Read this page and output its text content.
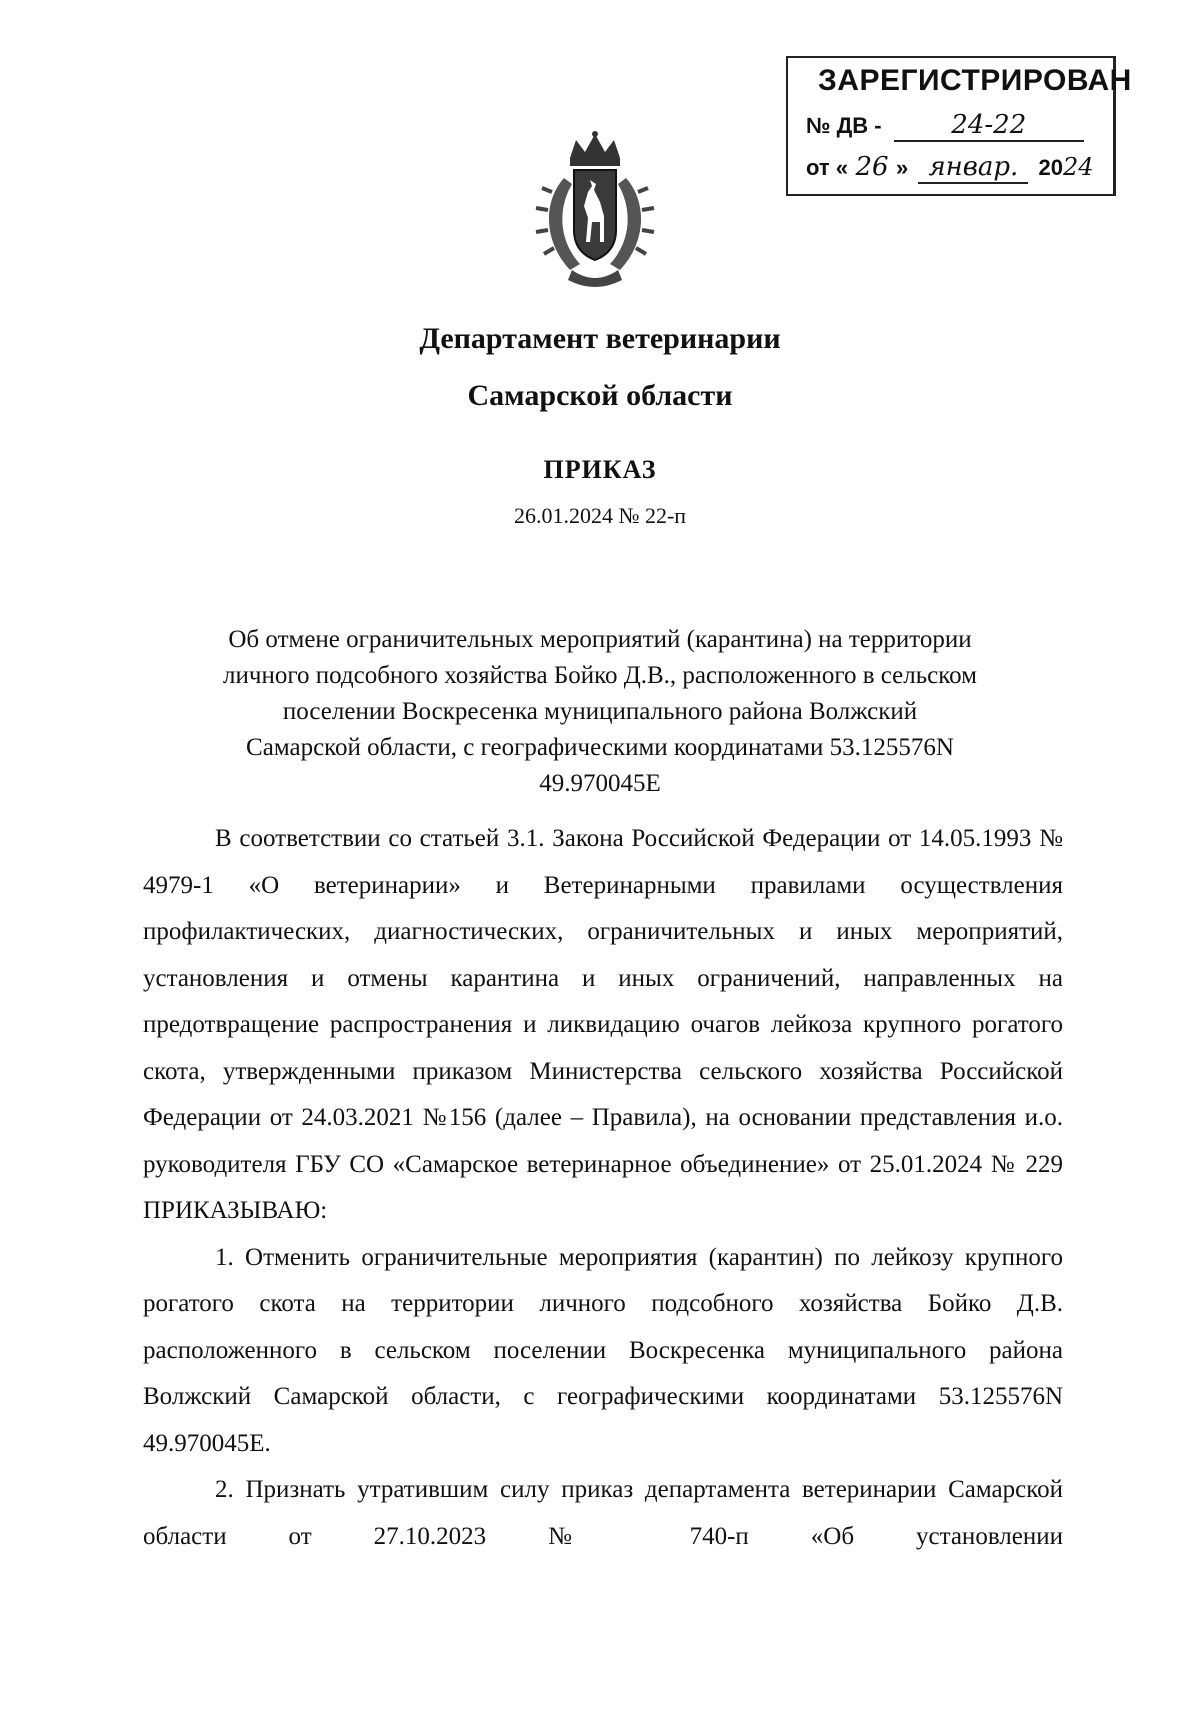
ЗАРЕГИСТРИРОВАН
№ ДВ -	24-22
от « 26 » январ. 2024
Департамент ветеринарии
Самарской области
ПРИКАЗ
26.01.2024 № 22-п
Об отмене ограничительных мероприятий (карантина) на территории
личного подсобного хозяйства Бойко Д.В., расположенного в сельском
поселении Воскресенка муниципального района Волжский
Самарской области, с географическими координатами 53.125576N
49.970045E

В соответствии со статьей 3.1. Закона Российской Федерации от 14.05.1993 № 4979-1 «О ветеринарии» и Ветеринарными правилами осуществления профилактических, диагностических, ограничительных и иных мероприятий, установления и отмены карантина и иных ограничений, направленных на предотвращение распространения и ликвидацию очагов лейкоза крупного рогатого скота, утвержденными приказом Министерства сельского хозяйства Российской Федерации от 24.03.2021 №156 (далее – Правила), на основании представления и.о. руководителя ГБУ СО «Самарское ветеринарное объединение» от 25.01.2024 № 229 ПРИКАЗЫВАЮ:

1. Отменить ограничительные мероприятия (карантин) по лейкозу крупного рогатого скота на территории личного подсобного хозяйства Бойко Д.В. расположенного в сельском поселении Воскресенка муниципального района Волжский Самарской области, с географическими координатами 53.125576N 49.970045E.

2. Признать утратившим силу приказ департамента ветеринарии Самарской области от 27.10.2023 № 740-п «Об установлении
